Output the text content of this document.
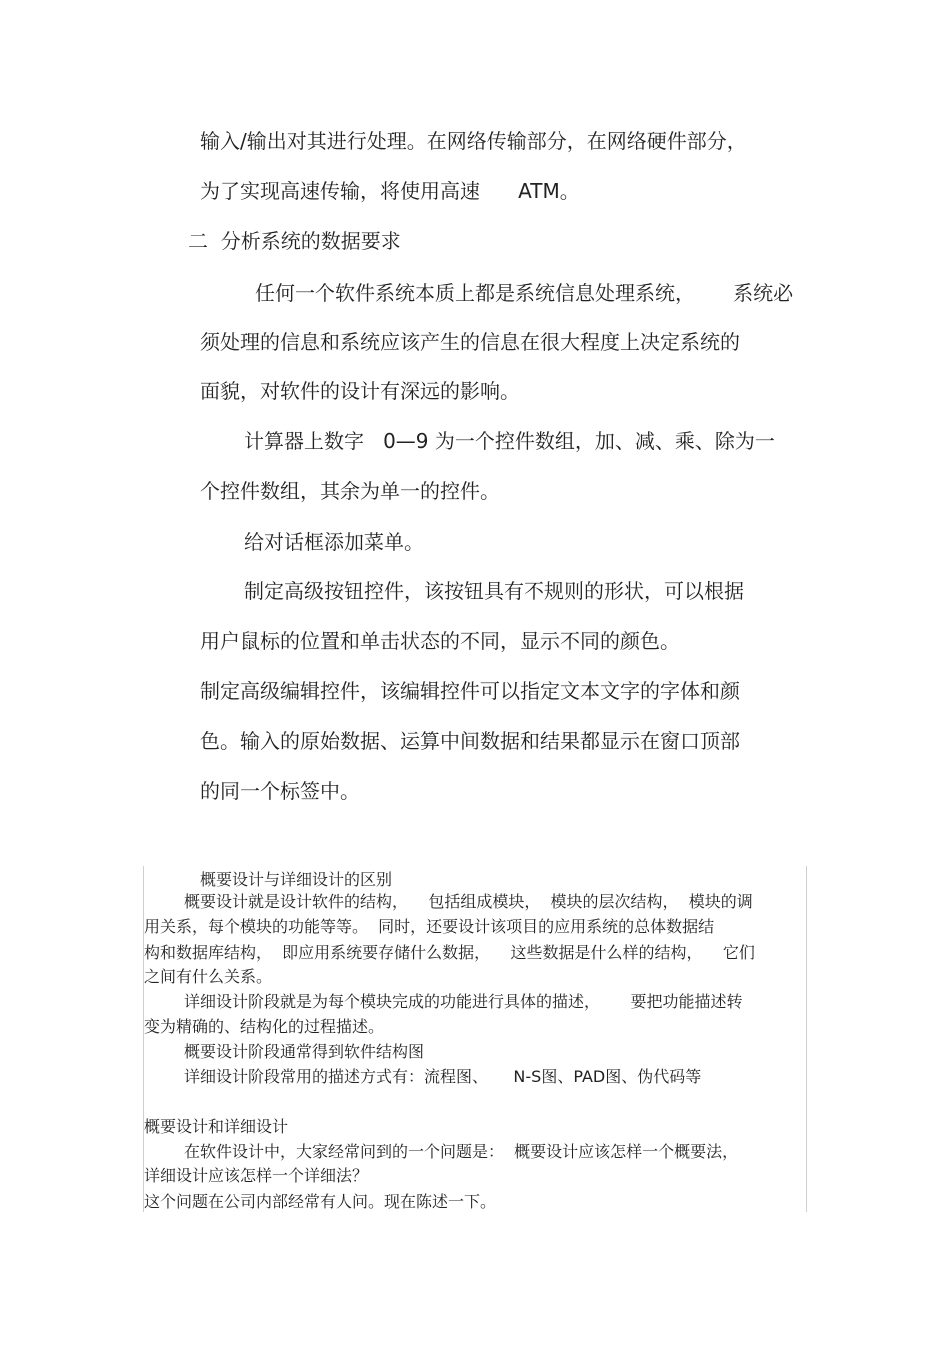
输入/输出对其进行处理。在网络传输部分，在网络硬件部分，
为了实现高速传输，将使用高速      ATM。
二  分析系统的数据要求
任何一个软件系统本质上都是系统信息处理系统，      系统必
须处理的信息和系统应该产生的信息在很大程度上决定系统的
面貌，对软件的设计有深远的影响。
计算器上数字   0—9 为一个控件数组，加、减、乘、除为一
个控件数组，其余为单一的控件。
给对话框添加菜单。
制定高级按钮控件，该按钮具有不规则的形状，可以根据
用户鼠标的位置和单击状态的不同，显示不同的颜色。
制定高级编辑控件，该编辑控件可以指定文本文字的字体和颜
色。输入的原始数据、运算中间数据和结果都显示在窗口顶部
的同一个标签中。
概要设计与详细设计的区别
概要设计就是设计软件的结构，    包括组成模块，  模块的层次结构，  模块的调
用关系，每个模块的功能等等。  同时，还要设计该项目的应用系统的总体数据结
构和数据库结构，  即应用系统要存储什么数据，    这些数据是什么样的结构，    它们
之间有什么关系。
详细设计阶段就是为每个模块完成的功能进行具体的描述，      要把功能描述转
变为精确的、结构化的过程描述。
概要设计阶段通常得到软件结构图
详细设计阶段常用的描述方式有：流程图、     N-S图、PAD图、伪代码等
概要设计和详细设计
在软件设计中，大家经常问到的一个问题是：  概要设计应该怎样一个概要法，
详细设计应该怎样一个详细法？
这个问题在公司内部经常有人问。现在陈述一下。
